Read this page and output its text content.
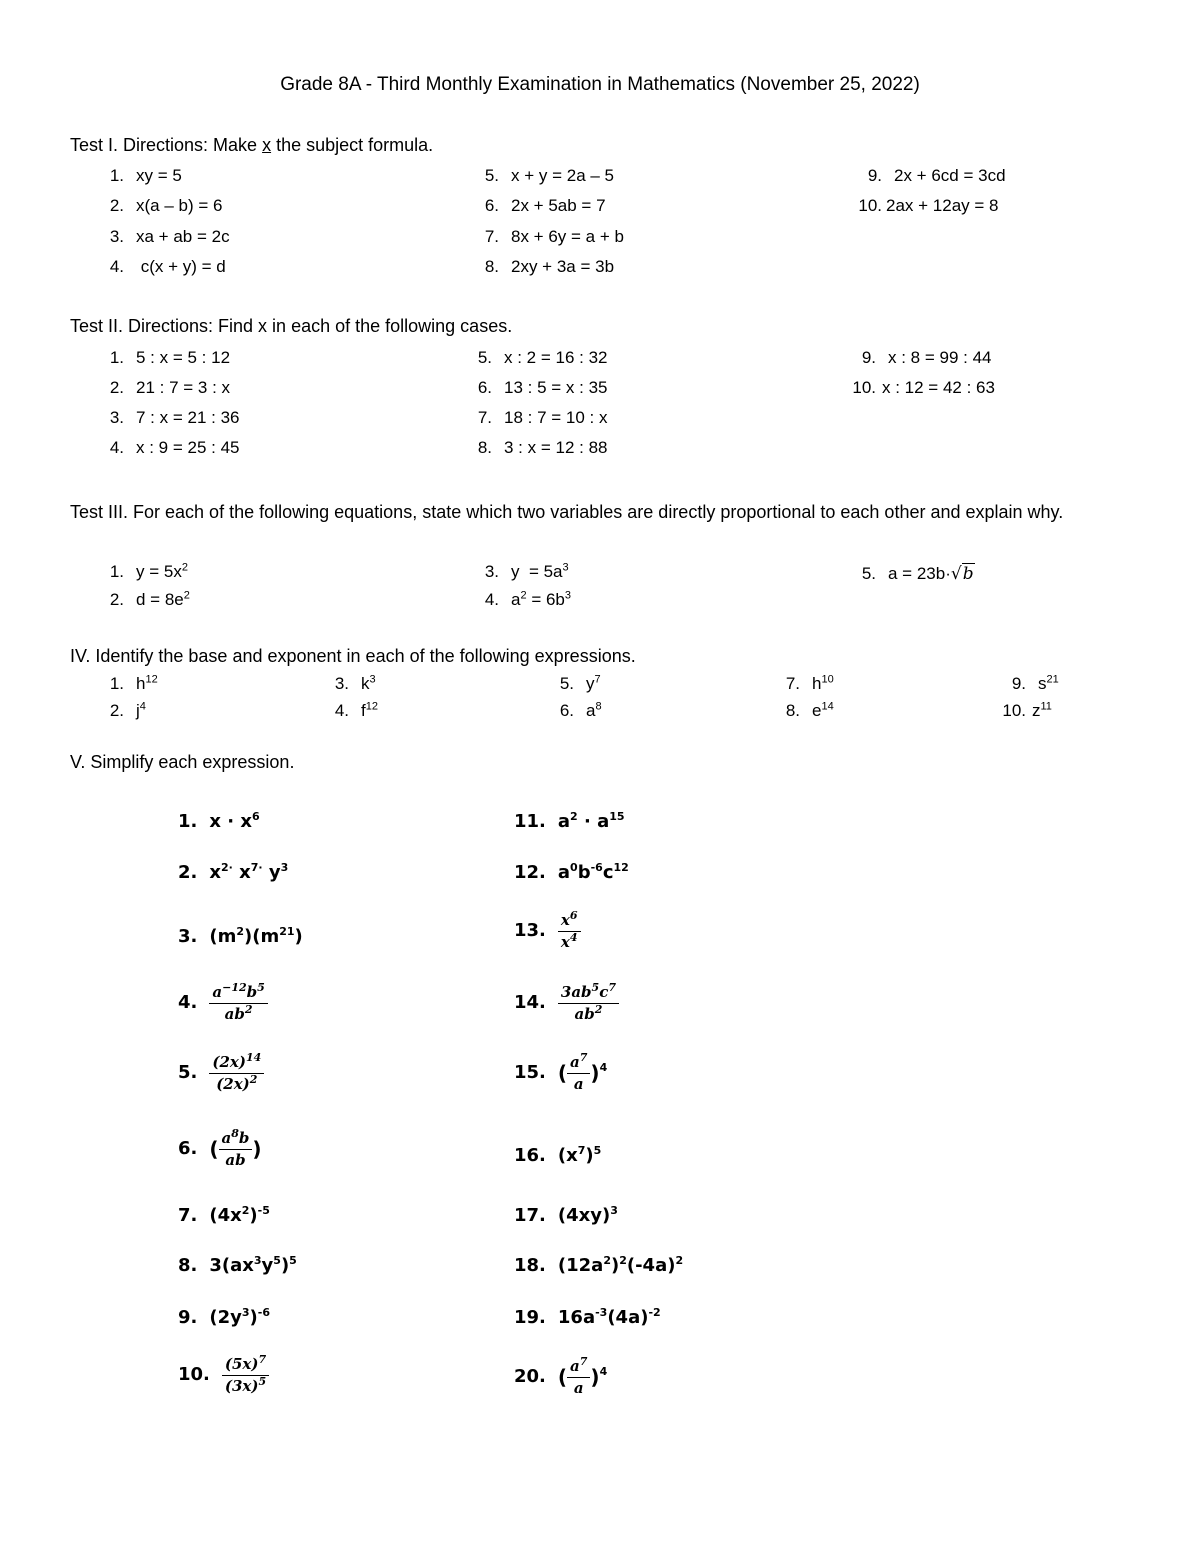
Grade 8A - Third Monthly Examination in Mathematics (November 25, 2022)
Test I. Directions: Make x the subject formula.
1. xy = 5
2. x(a – b) = 6
3. xa + ab = 2c
4. c(x + y) = d
5. x + y = 2a – 5
6. 2x + 5ab = 7
7. 8x + 6y = a + b
8. 2xy + 3a = 3b
9. 2x + 6cd = 3cd
10. 2ax + 12ay = 8
Test II. Directions: Find x in each of the following cases.
1. 5 : x = 5 : 12
2. 21 : 7 = 3 : x
3. 7 : x = 21 : 36
4. x : 9 = 25 : 45
5. x : 2 = 16 : 32
6. 13 : 5 = x : 35
7. 18 : 7 = 10 : x
8. 3 : x = 12 : 88
9. x : 8 = 99 : 44
10. x : 12 = 42 : 63
Test III. For each of the following equations, state which two variables are directly proportional to each other and explain why.
1. $y = 5x^2$
2. $d = 8e^2$
3. $y = 5a^3$
4. $a^2 = 6b^3$
5. a = 23b·√b
IV. Identify the base and exponent in each of the following expressions.
1. $h^{12}$
2. $j^4$
3. $k^3$
4. $f^{12}$
5. $y^7$
6. $a^8$
7. $h^{10}$
8. $e^{14}$
9. $s^{21}$
10. $z^{11}$
V. Simplify each expression.
1. $x \cdot x^6$
2. $x^{2\cdot}$ $x^{7\cdot}$ $y^3$
3. $(m^2)(m^{21})$
4. $\frac{a^{-12}b^5}{ab^2}$
5. $\frac{(2x)^{14}}{(2x)^2}$
6. ( $\frac{a^8b}{ab}$ )
7. $(4x^2)^{-5}$
8. $3(ax^3y^5)^5$
9. $(2y^3)^{-6}$
10. $\frac{(5x)^7}{(3x)^5}$
11. $a^2 \cdot a^{15}$
12. $a^0b^{-6}c^{12}$
13. $\frac{x^6}{x^4}$
14. $\frac{3ab^5c^7}{ab^2}$
15. ( $\frac{a^7}{a} )^4$
16. $(x^7)^5$
17. $(4xy)^3$
18. $(12a^2)^2(-4a)^2$
19. $16a^{-3}(4a)^{-2}$
20. ( $\frac{a^7}{a} )^4$
